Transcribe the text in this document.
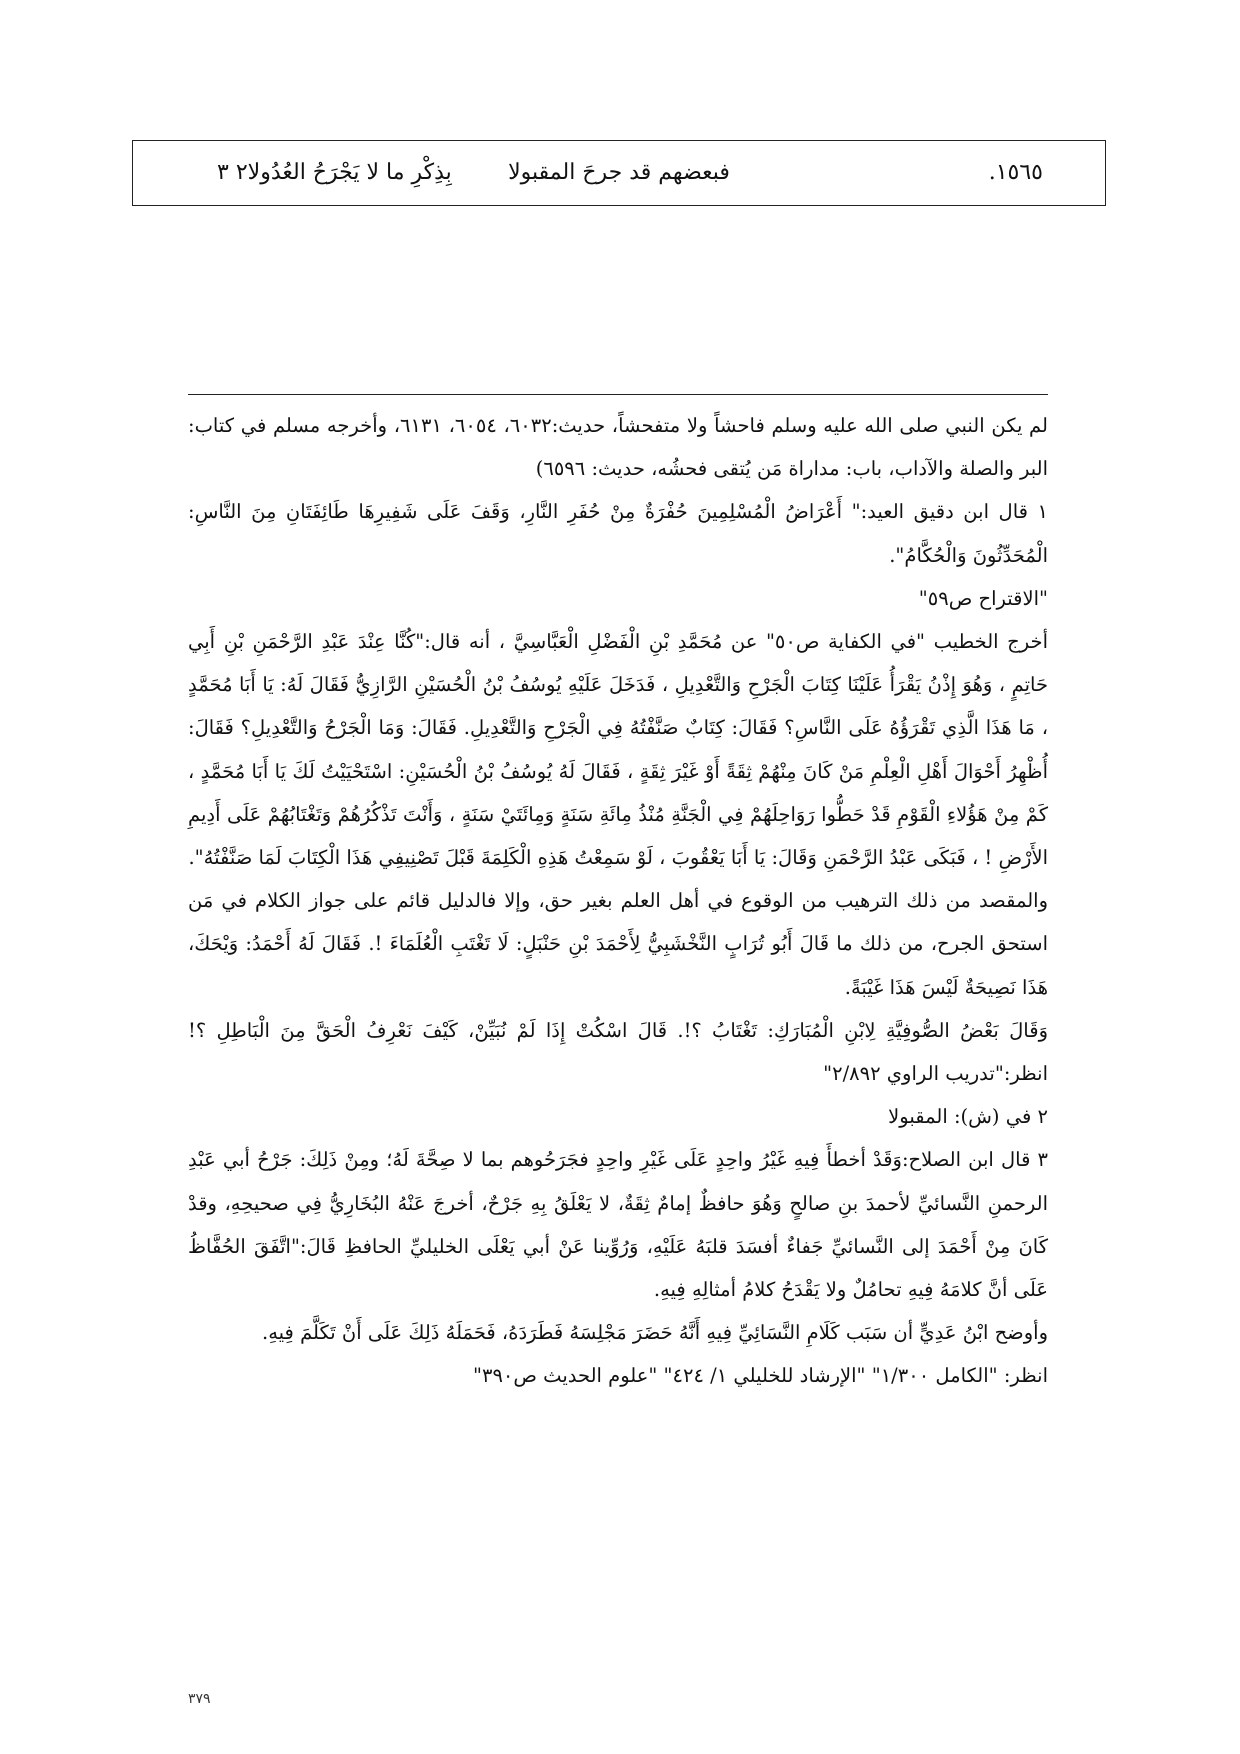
.١٥٦٥
فبعضهم قد جرحَ المقبولا
بِذِكْرِ ما لا يَجْرَحُ العُدُولا٢ ٣

لم يكن النبي صلى الله عليه وسلم فاحشاً ولا متفحشاً، حديث:٦٠٣٢، ٦٠٥٤، ٦١٣١، وأخرجه مسلم في كتاب: البر والصلة والآداب، باب: مداراة مَن يُتقى فحشُه، حديث: ٦٥٩٦)

١ قال ابن دقيق العيد:" أَعْرَاضُ الْمُسْلِمِينَ حُفْرَةٌ مِنْ حُفَرِ النَّارِ، وَقَفَ عَلَى شَفِيرِهَا طَائِفَتَانِ مِنَ النَّاسِ: الْمُحَدِّثُونَ وَالْحُكَّامُ".

"الاقتراح ص٥٩"

أخرج الخطيب "في الكفاية ص٥٠" عن مُحَمَّدِ بْنِ الْفَضْلِ الْعَبَّاسِيَّ ، أنه قال:"كُنَّا عِنْدَ عَبْدِ الرَّحْمَنِ بْنِ أَبِي حَاتِمٍ ، وَهُوَ إِذْنُ يَقْرَأُ عَلَيْنَا كِتَابَ الْجَرْحِ وَالتَّعْدِيلِ ، فَدَخَلَ عَلَيْهِ يُوسُفُ بْنُ الْحُسَيْنِ الرَّازِيُّ فَقَالَ لَهُ: يَا أَبَا مُحَمَّدٍ ، مَا هَذَا الَّذِي تَقْرَؤُهُ عَلَى النَّاسِ؟ فَقَالَ: كِتَابٌ صَنَّفْتُهُ فِي الْجَرْحِ وَالتَّعْدِيلِ. فَقَالَ: وَمَا الْجَرْحُ وَالتَّعْدِيلِ؟ فَقَالَ: أُظْهِرُ أَحْوَالَ أَهْلِ الْعِلْمِ مَنْ كَانَ مِنْهُمْ ثِقَةً أَوْ غَيْرَ ثِقَةٍ ، فَقَالَ لَهُ يُوسُفُ بْنُ الْحُسَيْنِ: اسْتَحْيَيْتُ لَكَ يَا أَبَا مُحَمَّدٍ ، كَمْ مِنْ هَؤُلاءِ الْقَوْمِ قَدْ حَطُّوا رَوَاحِلَهُمْ فِي الْجَنَّةِ مُنْذُ مِائَةِ سَنَةٍ وَمِائَتَيْ سَنَةٍ ، وَأَنْتَ تَذْكُرُهُمْ وَتَغْتَابُهُمْ عَلَى أَدِيمِ الأَرْضِ ! ، فَبَكَى عَبْدُ الرَّحْمَنِ وَقَالَ: يَا أَبَا يَعْقُوبَ ، لَوْ سَمِعْتُ هَذِهِ الْكَلِمَةَ قَبْلَ تَصْنِيفِي هَذَا الْكِتَابَ لَمَا صَنَّفْتُهُ".

والمقصد من ذلك الترهيب من الوقوع في أهل العلم بغير حق، وإلا فالدليل قائم على جواز الكلام في مَن استحق الجرح، من ذلك ما قَالَ أَبُو تُرَابٍ النَّخْشَبِيُّ لِأَحْمَدَ بْنِ حَنْبَلٍ: لَا تَغْتَبِ الْعُلَمَاءَ !. فَقَالَ لَهُ أَحْمَدُ: وَيْحَكَ، هَذَا نَصِيحَةٌ لَيْسَ هَذَا غَيْبَةً.

وَقَالَ بَعْضُ الصُّوفِيَّةِ لِابْنِ الْمُبَارَكِ: تَغْتَابُ ؟!. قَالَ اسْكُتْ إِذَا لَمْ نُبَيِّنْ، كَيْفَ نَعْرِفُ الْحَقَّ مِنَ الْبَاطِلِ ؟! انظر:"تدريب الراوي ٢/٨٩٢"

٢ في (ش): المقبولا

٣ قال ابن الصلاح:وَقَدْ أخطأَ فِيهِ غَيْرُ واحِدٍ عَلَى غَيْرِ واحِدٍ فجَرَحُوهم بما لا صِحَّةَ لَهُ؛ ومِنْ ذَلِكَ: جَرْحُ أبي عَبْدِ الرحمنِ النَّسائيِّ لأحمدَ بنِ صالحٍ وَهُوَ حافظٌ إمامٌ ثِقَةٌ، لا يَعْلَقُ بِهِ جَرْحٌ، أخرجَ عَنْهُ البُخَارِيُّ فِي صحيحِهِ، وقدْ كَانَ مِنْ أَحْمَدَ إلى النَّسائيِّ جَفاءٌ أفسَدَ قلبَهُ عَلَيْهِ، وَرُوِّينا عَنْ أبي يَعْلَى الخليليِّ الحافظِ قَالَ:"اتَّفَقَ الحُفَّاظُ عَلَى أنَّ كلامَهُ فِيهِ تحامُلٌ ولا يَقْدَحُ كلامُ أمثالِهِ فِيهِ.

وأوضح ابْنُ عَدِيٍّ أن سَبَب كَلَامِ النَّسَائِيِّ فِيهِ أَنَّهُ حَضَرَ مَجْلِسَهُ فَطَرَدَهُ، فَحَمَلَهُ ذَلِكَ عَلَى أَنْ تَكَلَّمَ فِيهِ.

انظر: "الكامل ١/٣٠٠" "الإرشاد للخليلي ١/ ٤٢٤" "علوم الحديث ص٣٩٠"

٣٧٩
